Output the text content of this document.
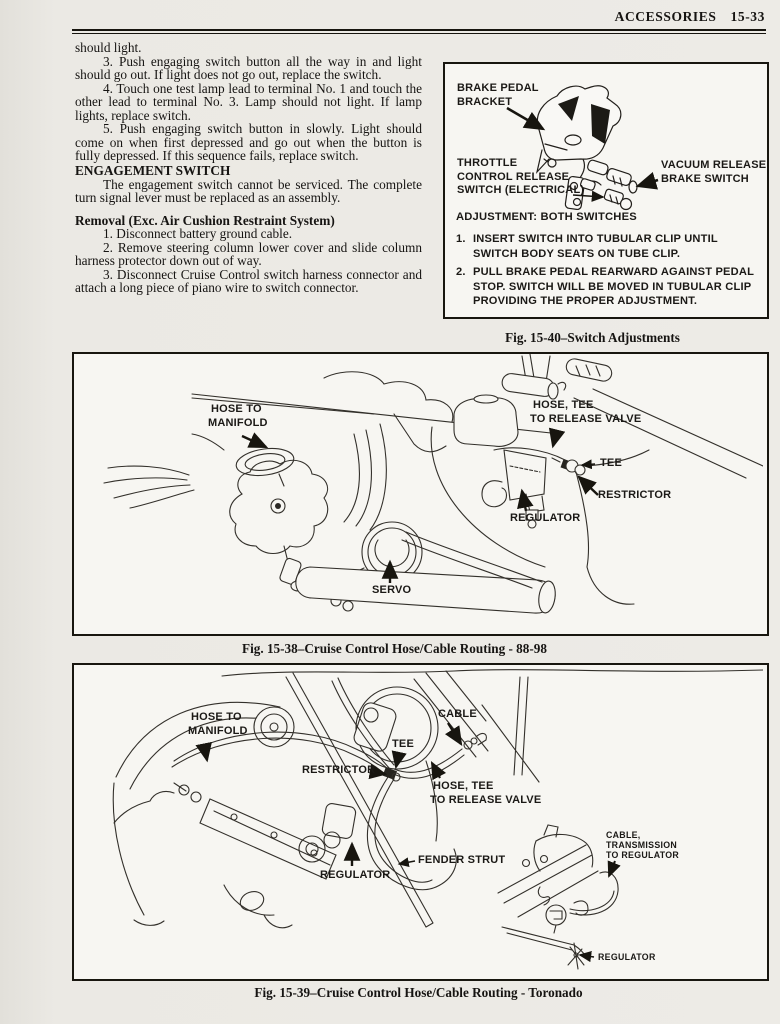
ACCESSORIES 15-33

should light.

3. Push engaging switch button all the way in and light should go out. If light does not go out, replace the switch.

4. Touch one test lamp lead to terminal No. 1 and touch the other lead to terminal No. 3. Lamp should not light. If lamp lights, replace switch.

5. Push engaging switch button in slowly. Light should come on when first depressed and go out when the button is fully depressed. If this sequence fails, replace switch.

ENGAGEMENT SWITCH

The engagement switch cannot be serviced. The complete turn signal lever must be replaced as an assembly.

Removal (Exc. Air Cushion Restraint System)

1. Disconnect battery ground cable.

2. Remove steering column lower cover and slide column harness protector down out of way.

3. Disconnect Cruise Control switch harness connector and attach a long piece of piano wire to switch connector.

BRAKE PEDAL
BRACKET
THROTTLE
CONTROL RELEASE
SWITCH (ELECTRICAL)
VACUUM RELEASE
BRAKE SWITCH
ADJUSTMENT: BOTH SWITCHES
1. INSERT SWITCH INTO TUBULAR CLIP UNTIL SWITCH BODY SEATS ON TUBE CLIP.
2. PULL BRAKE PEDAL REARWARD AGAINST PEDAL STOP. SWITCH WILL BE MOVED IN TUBULAR CLIP PROVIDING THE PROPER ADJUSTMENT.
Fig. 15-40–Switch Adjustments
HOSE TO
MANIFOLD
HOSE, TEE
TO RELEASE VALVE
TEE
RESTRICTOR
REGULATOR
SERVO
Fig. 15-38–Cruise Control Hose/Cable Routing - 88-98
HOSE TO
MANIFOLD
CABLE
TEE
RESTRICTOR
HOSE, TEE
TO RELEASE VALVE
FENDER STRUT
REGULATOR
CABLE,
TRANSMISSION
TO REGULATOR
REGULATOR
Fig. 15-39–Cruise Control Hose/Cable Routing - Toronado
